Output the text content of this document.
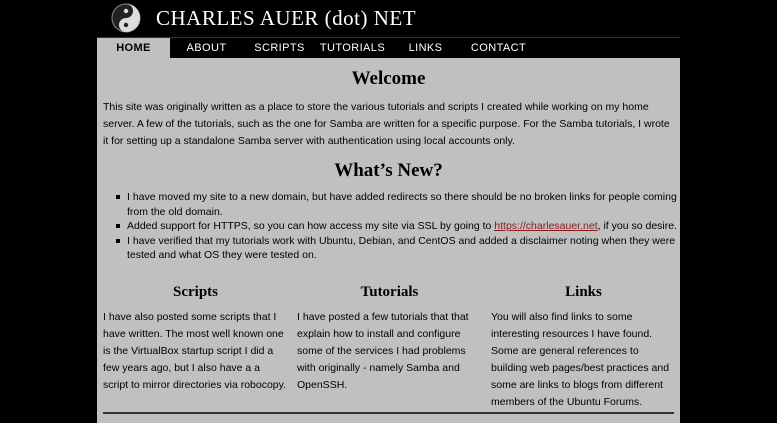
CHARLES AUER (dot) NET
HOME	ABOUT	SCRIPTS	TUTORIALS	LINKS	CONTACT
Welcome

This site was originally written as a place to store the various tutorials and scripts I created while working on my home server. A few of the tutorials, such as the one for Samba are written for a specific purpose. For the Samba tutorials, I wrote it for setting up a standalone Samba server with authentication using local accounts only.

What’s New?
I have moved my site to a new domain, but have added redirects so there should be no broken links for people coming from the old domain.
Added support for HTTPS, so you can how access my site via SSL by going to https://charlesauer.net, if you so desire.
I have verified that my tutorials work with Ubuntu, Debian, and CentOS and added a disclaimer noting when they were tested and what OS they were tested on.
Scripts

I have also posted some scripts that I have written. The most well known one is the VirtualBox startup script I did a few years ago, but I also have a a script to mirror directories via robocopy.

Tutorials

I have posted a few tutorials that that explain how to install and configure some of the services I had problems with originally - namely Samba and OpenSSH.

Links

You will also find links to some interesting resources I have found. Some are general references to building web pages/best practices and some are links to blogs from different members of the Ubuntu Forums.
